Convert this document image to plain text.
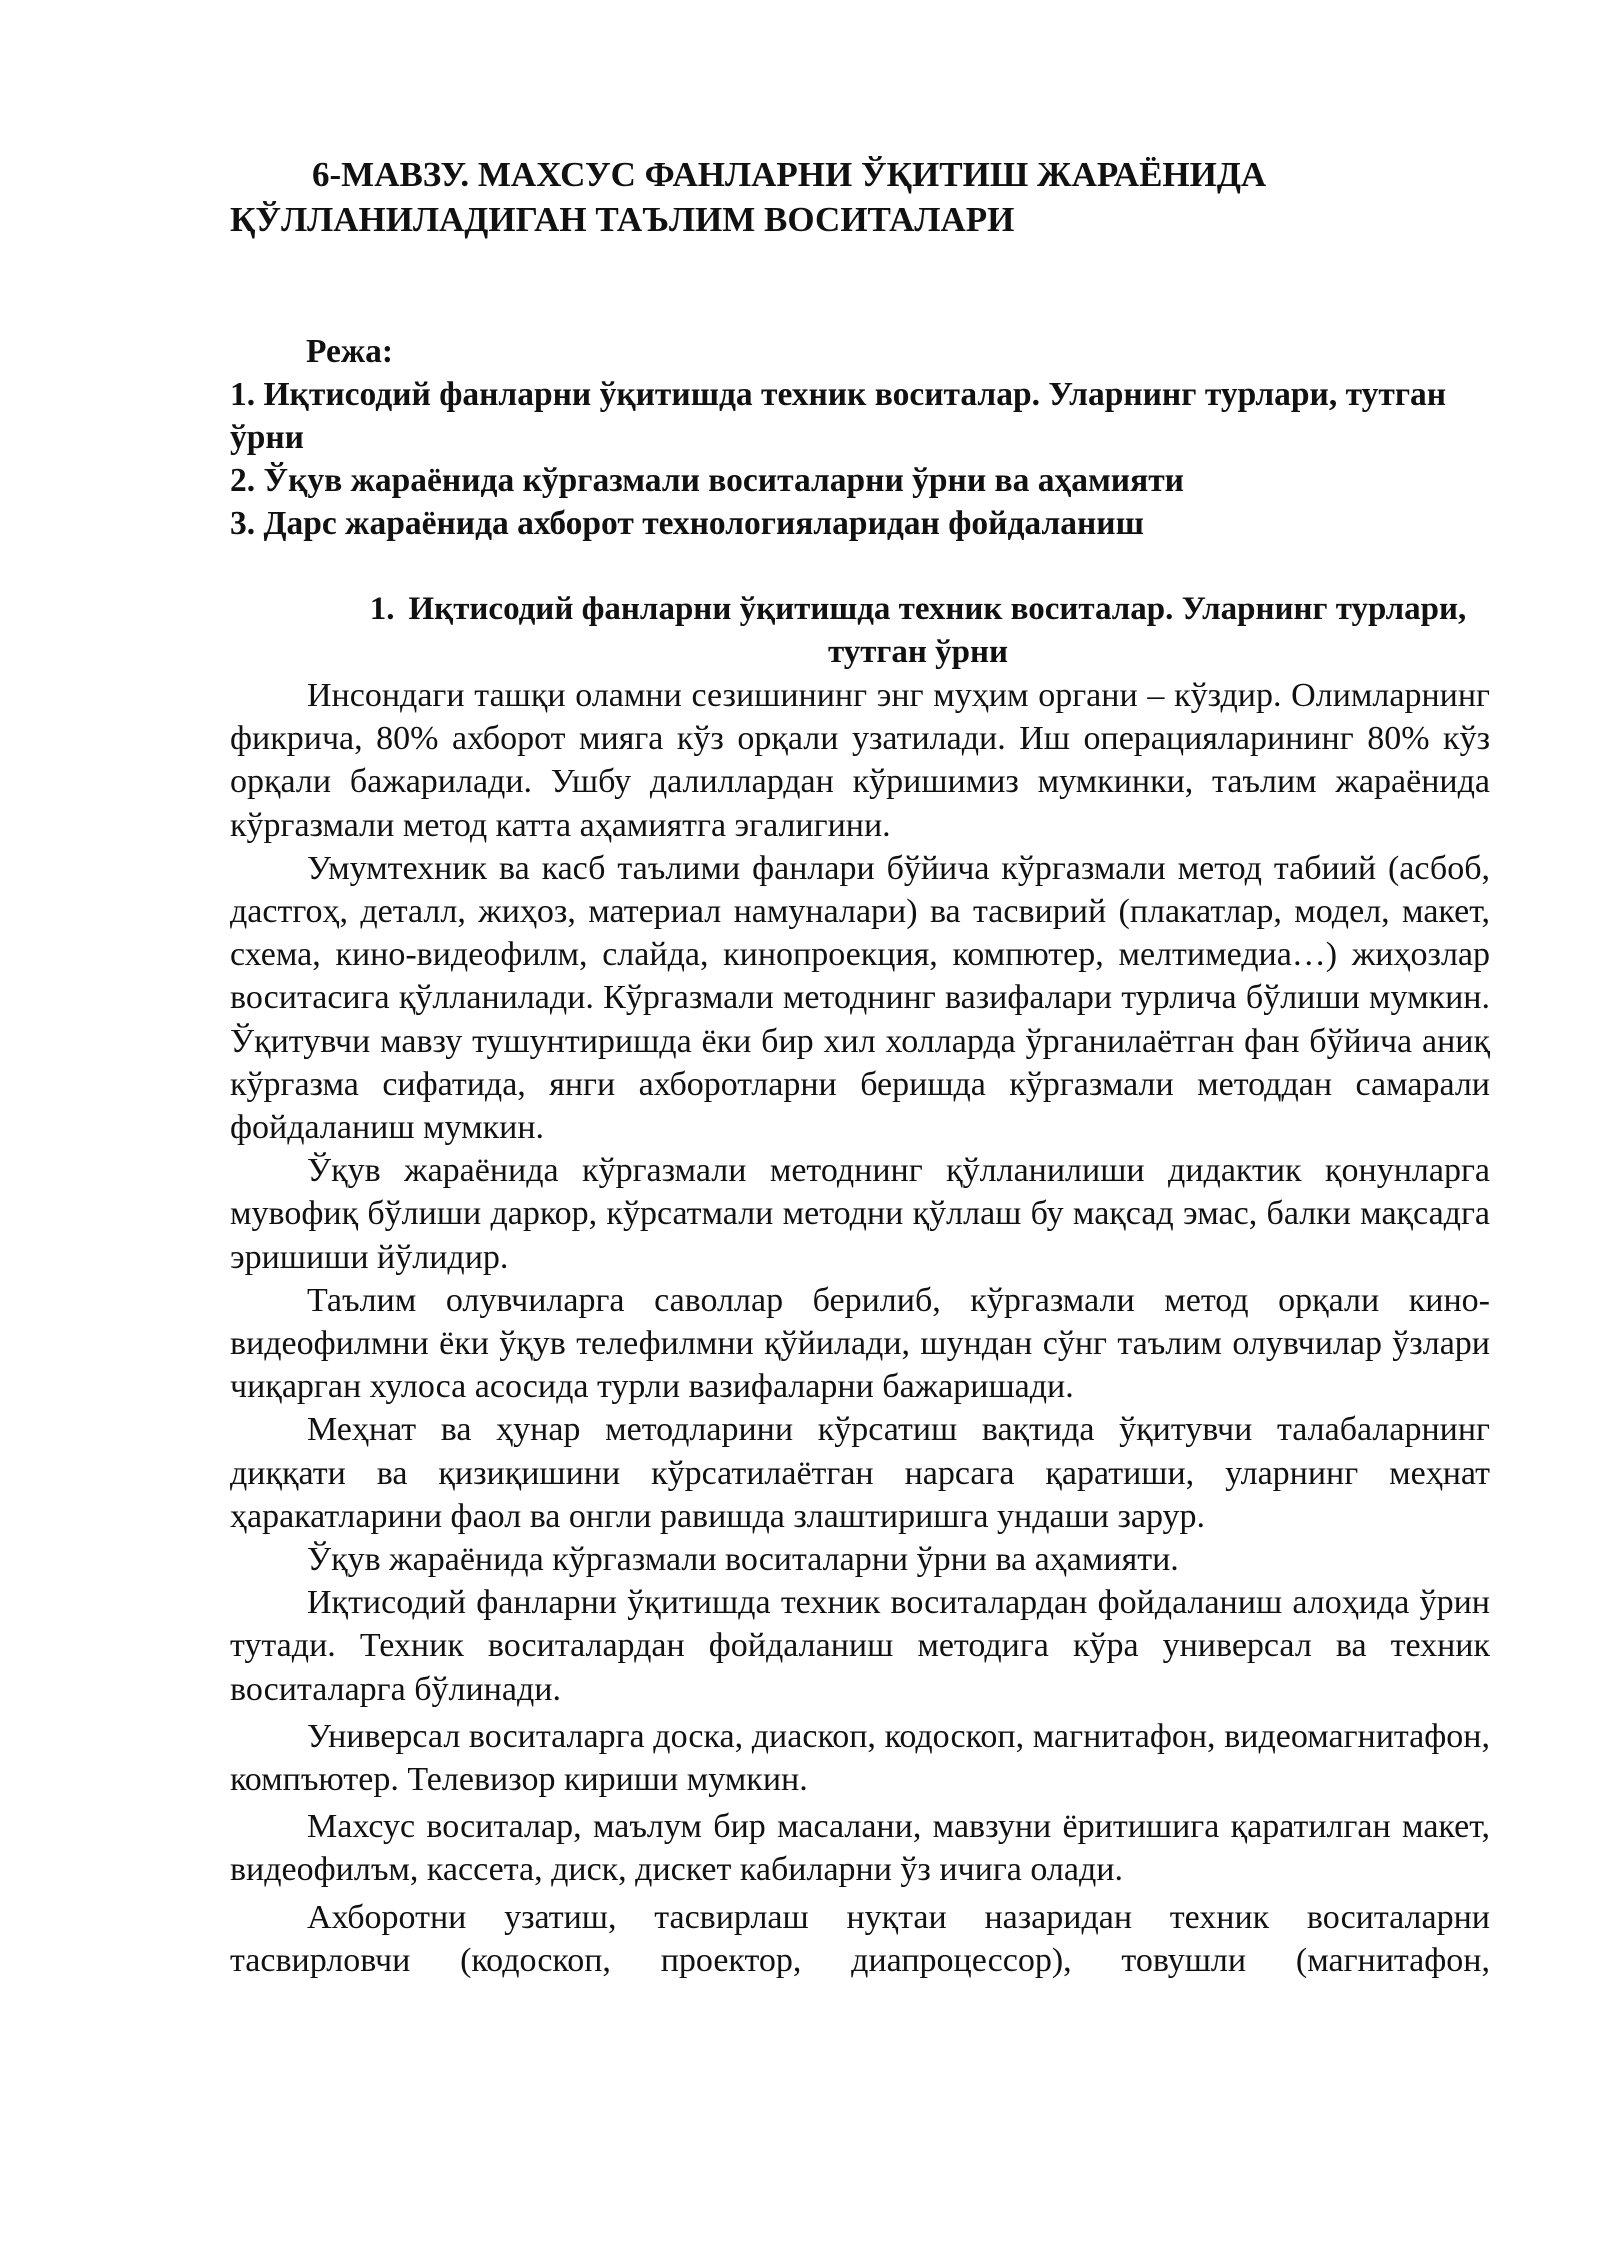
6-МАВЗУ. МАХСУС ФАНЛАРНИ ЎҚИТИШ ЖАРАЁНИДА
ҚЎЛЛАНИЛАДИГАН ТАЪЛИМ ВОСИТАЛАРИ
Режа:
1. Иқтисодий фанларни ўқитишда техник воситалар. Уларнинг турлари, тутган ўрни
2. Ўқув жараёнида кўргазмали воситаларни ўрни ва аҳамияти
3. Дарс жараёнида ахборот технологияларидан фойдаланиш
1. Иқтисодий фанларни ўқитишда техник воситалар. Уларнинг турлари, тутган ўрни

Инсондаги ташқи оламни сезишининг энг муҳим органи – кўздир. Олимларнинг фикрича, 80% ахборот мияга кўз орқали узатилади. Иш операцияларининг 80% кўз орқали бажарилади. Ушбу далиллардан кўришимиз мумкинки, таълим жараёнида кўргазмали метод катта аҳамиятга эгалигини.

Умумтехник ва касб таълими фанлари бўйича кўргазмали метод табиий (асбоб, дастгоҳ, деталл, жиҳоз, материал намуналари) ва тасвирий (плакатлар, модел, макет, схема, кино-видеофилм, слайда, кинопроекция, компютер, мелтимедиа…) жиҳозлар воситасига қўлланилади. Кўргазмали методнинг вазифалари турлича бўлиши мумкин. Ўқитувчи мавзу тушунтиришда ёки бир хил холларда ўрганилаётган фан бўйича аниқ кўргазма сифатида, янги ахборотларни беришда кўргазмали методдан самарали фойдаланиш мумкин.

Ўқув жараёнида кўргазмали методнинг қўлланилиши дидактик қонунларга мувофиқ бўлиши даркор, кўрсатмали методни қўллаш бу мақсад эмас, балки мақсадга эришиши йўлидир.

Таълим олувчиларга саволлар берилиб, кўргазмали метод орқали кино-видеофилмни ёки ўқув телефилмни қўйилади, шундан сўнг таълим олувчилар ўзлари чиқарган хулоса асосида турли вазифаларни бажаришади.

Меҳнат ва ҳунар методларини кўрсатиш вақтида ўқитувчи талабаларнинг диққати ва қизиқишини кўрсатилаётган нарсага қаратиши, уларнинг меҳнат ҳаракатларини фаол ва онгли равишда злаштиришга ундаши зарур.

Ўқув жараёнида кўргазмали воситаларни ўрни ва аҳамияти.

Иқтисодий фанларни ўқитишда техник воситалардан фойдаланиш алоҳида ўрин тутади. Техник воситалардан фойдаланиш методига кўра универсал ва техник воситаларга бўлинади.

Универсал воситаларга доска, диаскоп, кодоскоп, магнитафон, видеомагнитафон, компъютер. Телевизор кириши мумкин.

Махсус воситалар, маълум бир масалани, мавзуни ёритишига қаратилган макет, видеофилъм, кассета, диск, дискет кабиларни ўз ичига олади.

Ахборотни узатиш, тасвирлаш нуқтаи назаридан техник воситаларни тасвирловчи (кодоскоп, проектор, диапроцессор), товушли (магнитафон,
